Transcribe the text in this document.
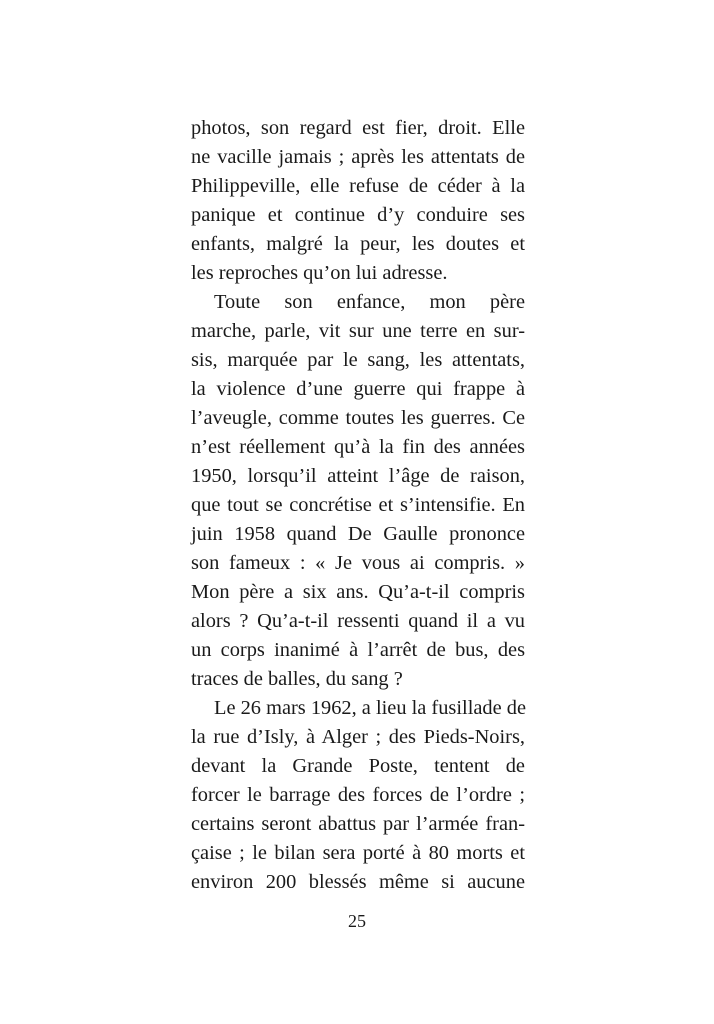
photos, son regard est fier, droit. Elle
ne vacille jamais ; après les attentats de
Philippeville, elle refuse de céder à la
panique et continue d’y conduire ses
enfants, malgré la peur, les doutes et
les reproches qu’on lui adresse.
Toute son enfance, mon père
marche, parle, vit sur une terre en sur-
sis, marquée par le sang, les attentats,
la violence d’une guerre qui frappe à
l’aveugle, comme toutes les guerres. Ce
n’est réellement qu’à la fin des années
1950, lorsqu’il atteint l’âge de raison,
que tout se concrétise et s’intensifie. En
juin 1958 quand De Gaulle prononce
son fameux : « Je vous ai compris. »
Mon père a six ans. Qu’a-t-il compris
alors ? Qu’a-t-il ressenti quand il a vu
un corps inanimé à l’arrêt de bus, des
traces de balles, du sang ?
Le 26 mars 1962, a lieu la fusillade de
la rue d’Isly, à Alger ; des Pieds-Noirs,
devant la Grande Poste, tentent de
forcer le barrage des forces de l’ordre ;
certains seront abattus par l’armée fran-
çaise ; le bilan sera porté à 80 morts et
environ 200 blessés même si aucune
25
